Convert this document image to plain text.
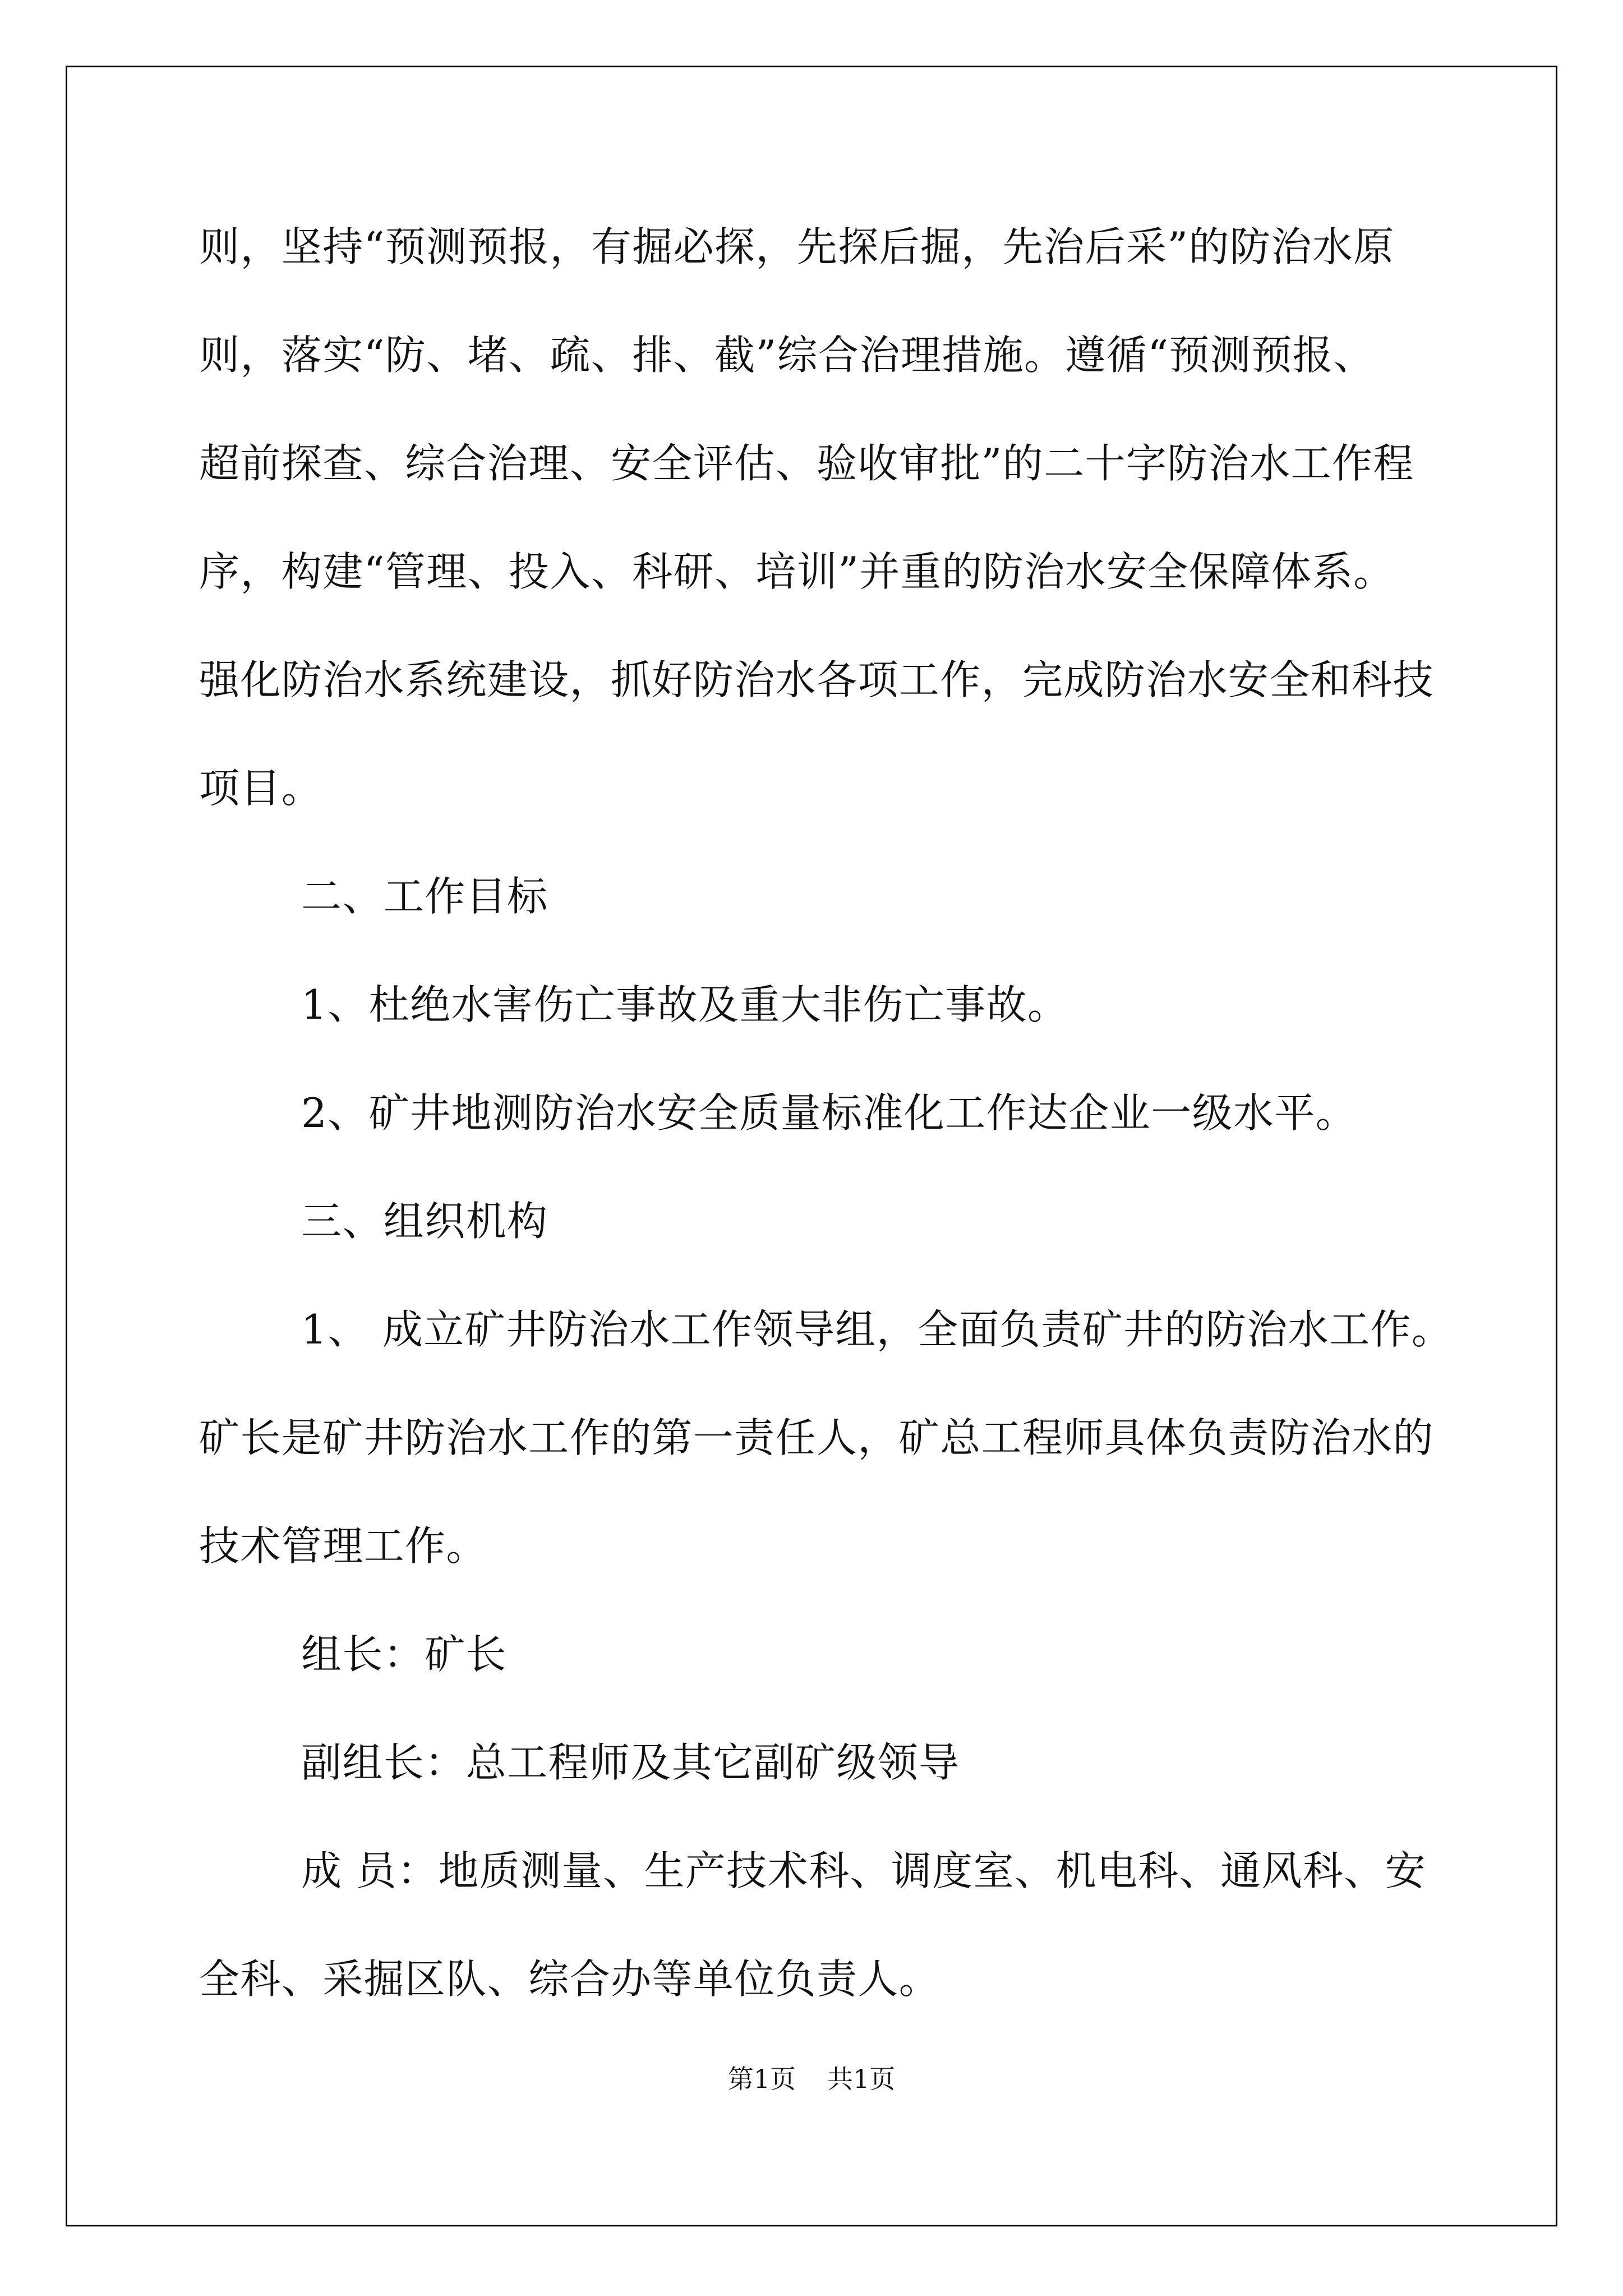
则，坚持“预测预报，有掘必探，先探后掘，先治后采”的防治水原
则，落实“防、堵、疏、排、截”综合治理措施。遵循“预测预报、
超前探查、综合治理、安全评估、验收审批”的二十字防治水工作程
序，构建“管理、投入、科研、培训”并重的防治水安全保障体系。
强化防治水系统建设，抓好防治水各项工作，完成防治水安全和科技
项目。
二、工作目标
1、杜绝水害伤亡事故及重大非伤亡事故。
2、矿井地测防治水安全质量标准化工作达企业一级水平。
三、组织机构
1、 成立矿井防治水工作领导组，全面负责矿井的防治水工作。
矿长是矿井防治水工作的第一责任人，矿总工程师具体负责防治水的
技术管理工作。
组长：矿长
副组长：总工程师及其它副矿级领导
成 员：地质测量、生产技术科、调度室、机电科、通风科、安
全科、采掘区队、综合办等单位负责人。
第1页 共1页
